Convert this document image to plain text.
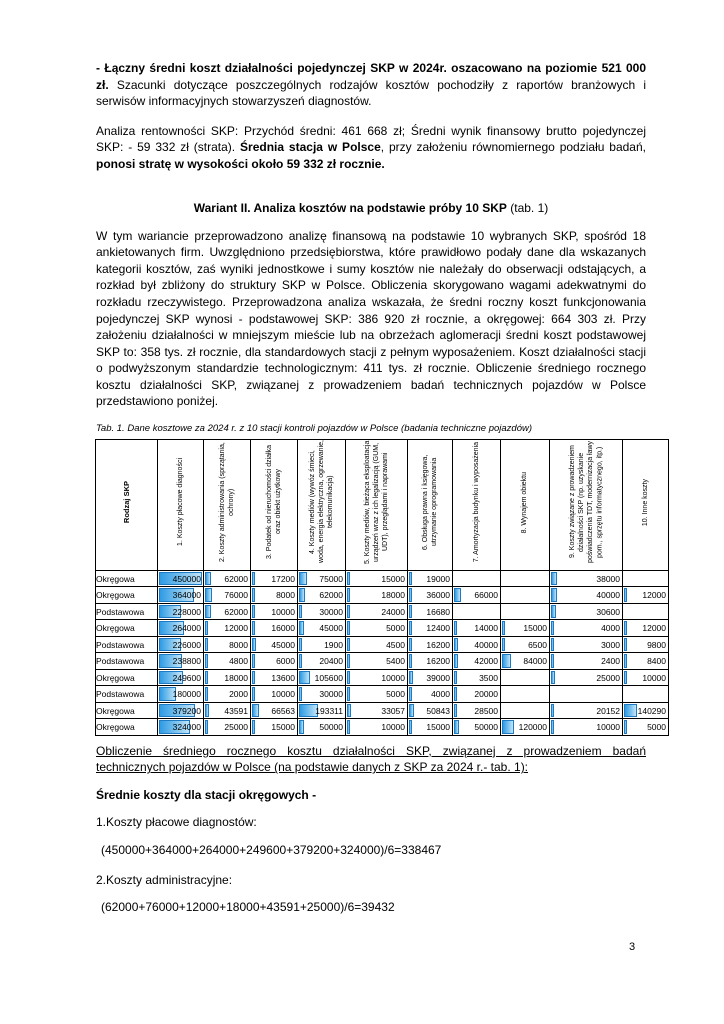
- Łączny średni koszt działalności pojedynczej SKP w 2024r. oszacowano na poziomie 521 000 zł. Szacunki dotyczące poszczególnych rodzajów kosztów pochodziły z raportów branżowych i serwisów informacyjnych stowarzyszeń diagnostów.

Analiza rentowności SKP: Przychód średni: 461 668 zł; Średni wynik finansowy brutto pojedynczej SKP: - 59 332 zł (strata). Średnia stacja w Polsce, przy założeniu równomiernego podziału badań, ponosi stratę w wysokości około 59 332 zł rocznie.

Wariant II. Analiza kosztów na podstawie próby 10 SKP (tab. 1)

W tym wariancie przeprowadzono analizę finansową na podstawie 10 wybranych SKP, spośród 18 ankietowanych firm. Uwzględniono przedsiębiorstwa, które prawidłowo podały dane dla wskazanych kategorii kosztów, zaś wyniki jednostkowe i sumy kosztów nie należały do obserwacji odstających, a rozkład był zbliżony do struktury SKP w Polsce. Obliczenia skorygowano wagami adekwatnymi do rozkładu rzeczywistego. Przeprowadzona analiza wskazała, że średni roczny koszt funkcjonowania pojedynczej SKP wynosi - podstawowej SKP: 386 920 zł rocznie, a okręgowej: 664 303 zł. Przy założeniu działalności w mniejszym mieście lub na obrzeżach aglomeracji średni koszt podstawowej SKP to: 358 tys. zł rocznie, dla standardowych stacji z pełnym wyposażeniem. Koszt działalności stacji o podwyższonym standardzie technologicznym: 411 tys. zł rocznie. Obliczenie średniego rocznego kosztu działalności SKP, związanej z prowadzeniem badań technicznych pojazdów w Polsce przedstawiono poniżej.

Tab. 1. Dane kosztowe za 2024 r. z 10 stacji kontroli pojazdów w Polsce (badania techniczne pojazdów)
Rodzaj SKP	1. Koszty płacowe diagności	2. Koszty administrowania (sprzątania, ochrony)	3. Podatek od nieruchomości działka oraz obiekt użytkowy	4. Koszty mediów (wywóz śmieci, woda, energia elektryczna, ogrzewanie, telekomunikacja)	5. Koszty mediów, bieżąca eksploatacja urządzeń wraz z ich legalizacją (GUM, UDT), przeglądami i naprawami	6. Obsługa prawna i księgowa, utrzymanie oprogramowania	7. Amortyzacja budynku i wyposażenia	8. Wynajem obiektu	9. Koszty związane z prowadzeniem działalności SKP (np. uzyskanie poświadczenia TDT, modernizacja ławy pom., sprzętu informatycznego, itp.)	10. Inne koszty
Okręgowa	450000	62000	17200	75000	15000	19000			38000	

Okręgowa	364000	76000	8000	62000	18000	36000	66000		40000	12000

Podstawowa	228000	62000	10000	30000	24000	16680			30600	

Okręgowa	264000	12000	16000	45000	5000	12400	14000	15000	4000	12000

Podstawowa	226000	8000	45000	1900	4500	16200	40000	6500	3000	9800

Podstawowa	238800	4800	6000	20400	5400	16200	42000	84000	2400	8400

Okręgowa	249600	18000	13600	105600	10000	39000	3500		25000	10000

Podstawowa	180000	2000	10000	30000	5000	4000	20000			

Okręgowa	379200	43591	66563	193311	33057	50843	28500		20152	140290

Okręgowa	324000	25000	15000	50000	10000	15000	50000	120000	10000	5000

Obliczenie średniego rocznego kosztu działalności SKP, związanej z prowadzeniem badań technicznych pojazdów w Polsce (na podstawie danych z SKP za 2024 r.- tab. 1):

Średnie koszty dla stacji okręgowych -

1.Koszty płacowe diagnostów:

(450000+364000+264000+249600+379200+324000)/6=338467

2.Koszty administracyjne:

(62000+76000+12000+18000+43591+25000)/6=39432

3
